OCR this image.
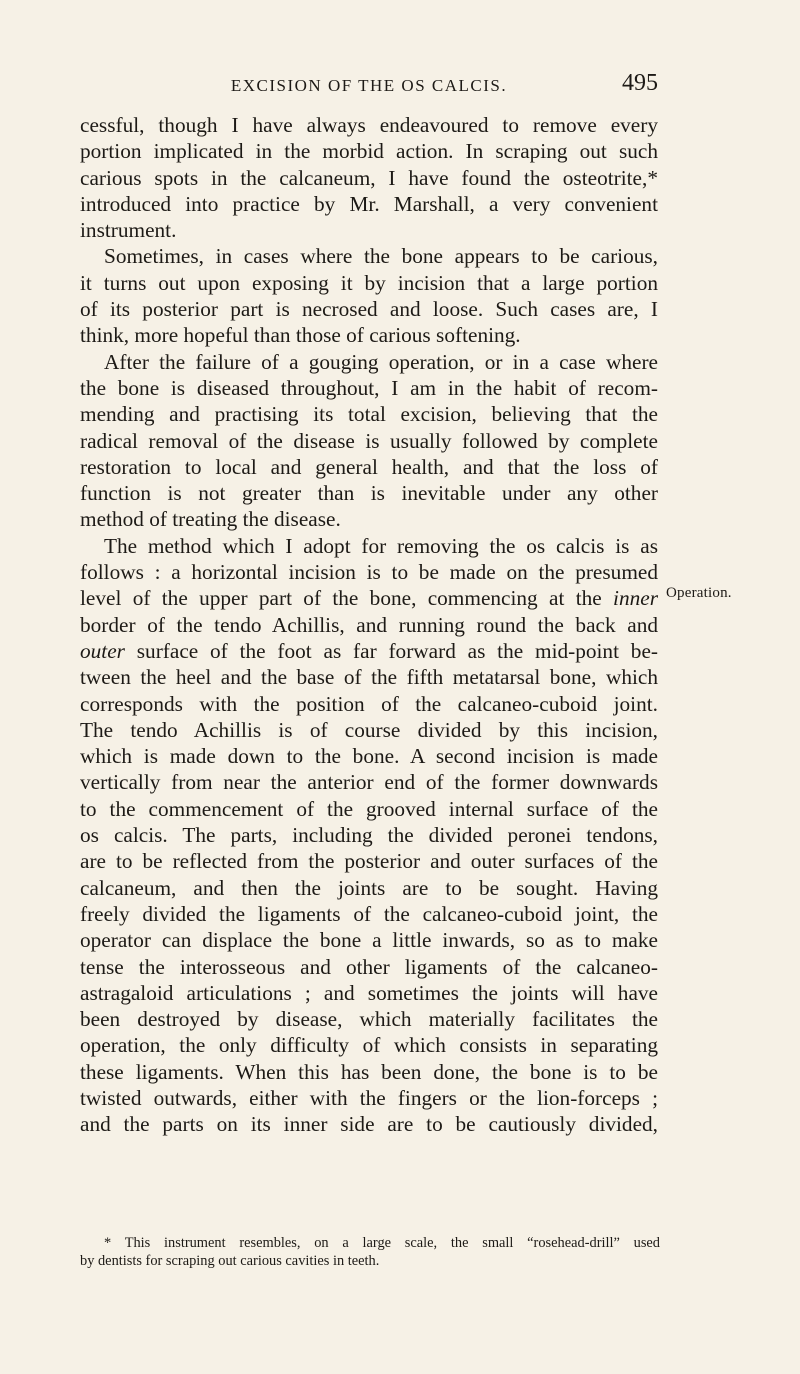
EXCISION OF THE OS CALCIS.	495
Operation.
cessful, though I have always endeavoured to remove every
portion implicated in the morbid action. In scraping out such
carious spots in the calcaneum, I have found the osteotrite,*
introduced into practice by Mr. Marshall, a very convenient
instrument.
Sometimes, in cases where the bone appears to be carious,
it turns out upon exposing it by incision that a large portion
of its posterior part is necrosed and loose. Such cases are, I
think, more hopeful than those of carious softening.
After the failure of a gouging operation, or in a case where
the bone is diseased throughout, I am in the habit of recom-
mending and practising its total excision, believing that the
radical removal of the disease is usually followed by complete
restoration to local and general health, and that the loss of
function is not greater than is inevitable under any other
method of treating the disease.
The method which I adopt for removing the os calcis is as
follows : a horizontal incision is to be made on the presumed
level of the upper part of the bone, commencing at the inner
border of the tendo Achillis, and running round the back and
outer surface of the foot as far forward as the mid-point be-
tween the heel and the base of the fifth metatarsal bone, which
corresponds with the position of the calcaneo-cuboid joint.
The tendo Achillis is of course divided by this incision,
which is made down to the bone. A second incision is made
vertically from near the anterior end of the former downwards
to the commencement of the grooved internal surface of the
os calcis. The parts, including the divided peronei tendons,
are to be reflected from the posterior and outer surfaces of the
calcaneum, and then the joints are to be sought. Having
freely divided the ligaments of the calcaneo-cuboid joint, the
operator can displace the bone a little inwards, so as to make
tense the interosseous and other ligaments of the calcaneo-
astragaloid articulations ; and sometimes the joints will have
been destroyed by disease, which materially facilitates the
operation, the only difficulty of which consists in separating
these ligaments. When this has been done, the bone is to be
twisted outwards, either with the fingers or the lion-forceps ;
and the parts on its inner side are to be cautiously divided,
* This instrument resembles, on a large scale, the small “rosehead-drill” used
by dentists for scraping out carious cavities in teeth.
